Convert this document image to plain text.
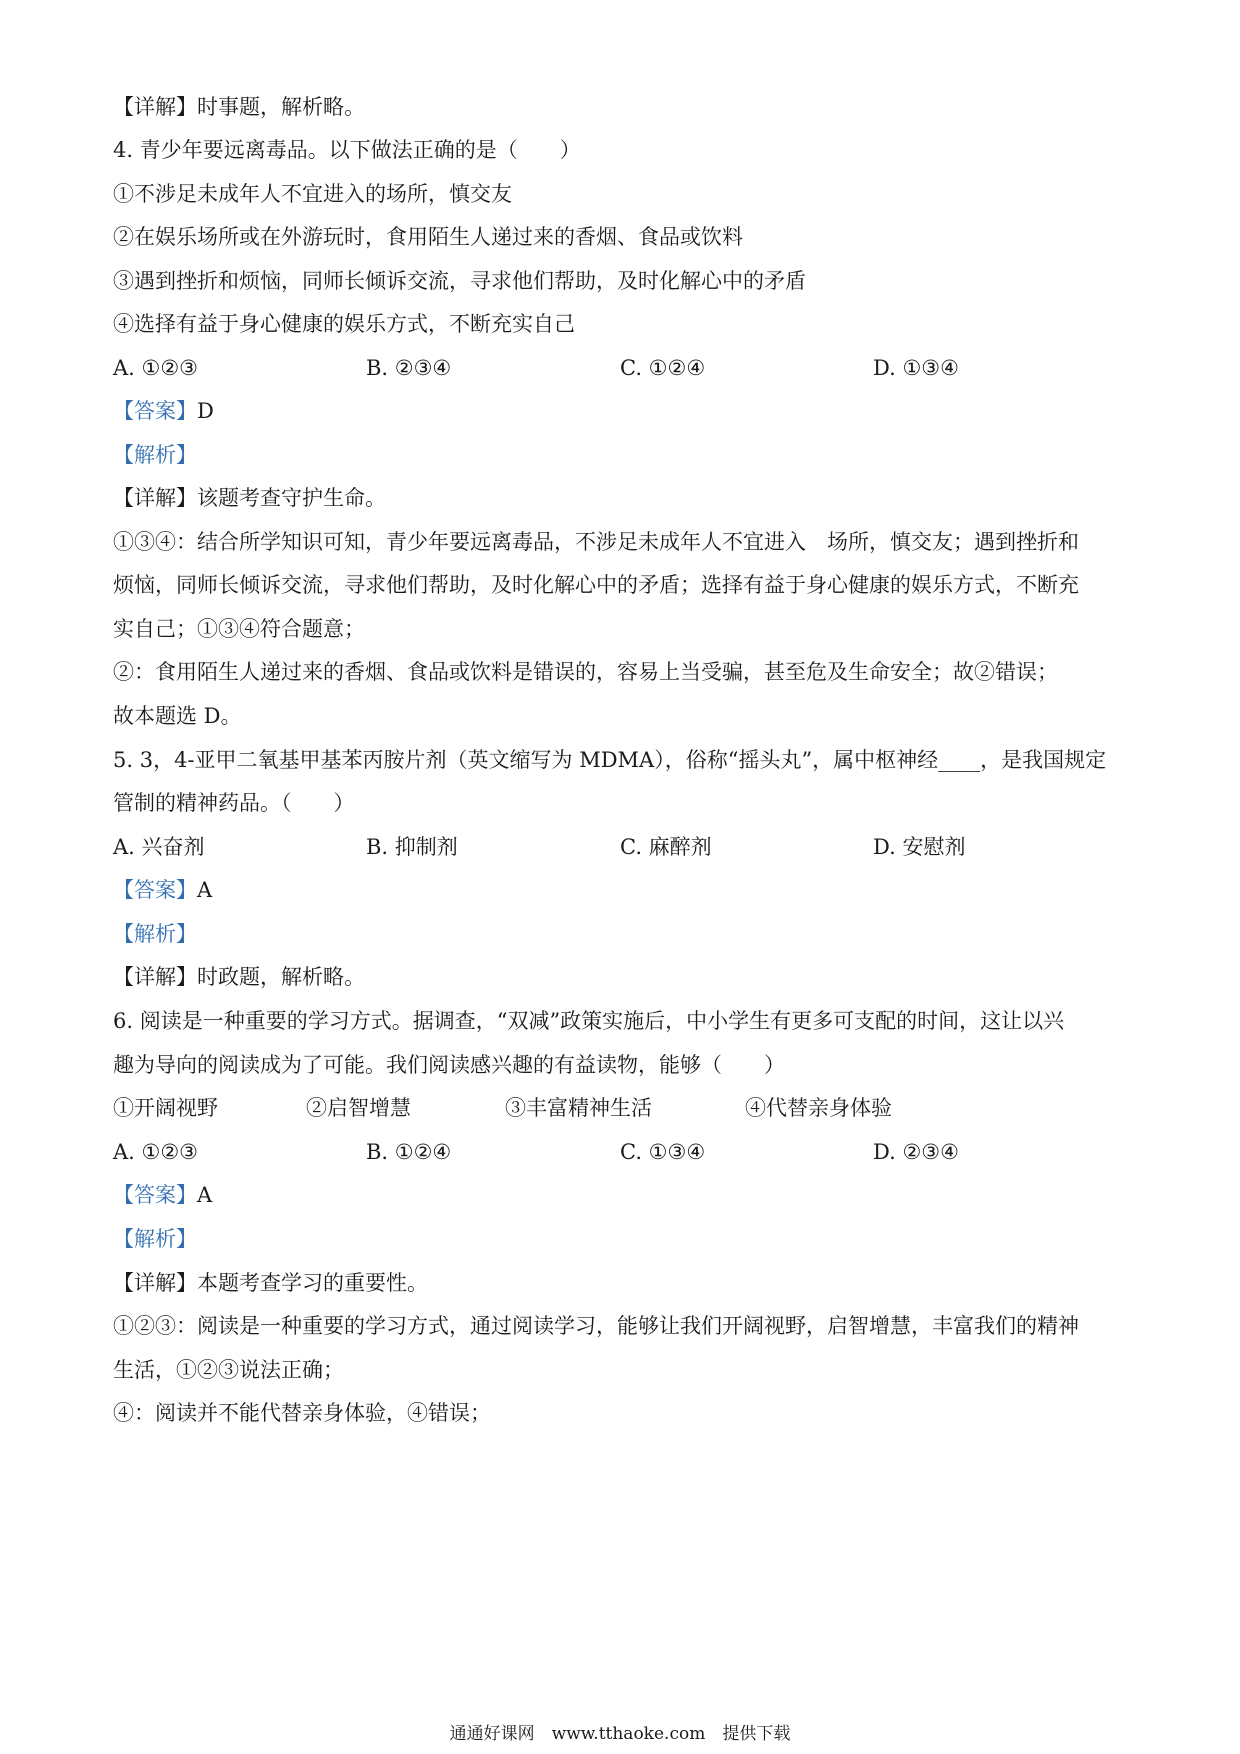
【详解】时事题，解析略。
4. 青少年要远离毒品。以下做法正确的是（　　）
①不涉足未成年人不宜进入的场所，慎交友
②在娱乐场所或在外游玩时，食用陌生人递过来的香烟、食品或饮料
③遇到挫折和烦恼，同师长倾诉交流，寻求他们帮助，及时化解心中的矛盾
④选择有益于身心健康的娱乐方式，不断充实自己
A. ①②③	B. ②③④	C. ①②④	D. ①③④
【答案】D
【解析】
【详解】该题考查守护生命。
①③④：结合所学知识可知，青少年要远离毒品，不涉足未成年人不宜进入　场所，慎交友；遇到挫折和
烦恼，同师长倾诉交流，寻求他们帮助，及时化解心中的矛盾；选择有益于身心健康的娱乐方式，不断充
实自己；①③④符合题意；
②：食用陌生人递过来的香烟、食品或饮料是错误的，容易上当受骗，甚至危及生命安全；故②错误；
故本题选 D。
5. 3，4-亚甲二氧基甲基苯丙胺片剂（英文缩写为 MDMA），俗称“摇头丸”，属中枢神经____，是我国规定
管制的精神药品。（　　）
A. 兴奋剂	B. 抑制剂	C. 麻醉剂	D. 安慰剂
【答案】A
【解析】
【详解】时政题，解析略。
6. 阅读是一种重要的学习方式。据调查，“双减”政策实施后，中小学生有更多可支配的时间，这让以兴
趣为导向的阅读成为了可能。我们阅读感兴趣的有益读物，能够（　　）
①开阔视野	②启智增慧	③丰富精神生活	④代替亲身体验
A. ①②③	B. ①②④	C. ①③④	D. ②③④
【答案】A
【解析】
【详解】本题考查学习的重要性。
①②③：阅读是一种重要的学习方式，通过阅读学习，能够让我们开阔视野，启智增慧，丰富我们的精神
生活，①②③说法正确；
④：阅读并不能代替亲身体验，④错误；
通通好课网　www.tthaoke.com　提供下载
